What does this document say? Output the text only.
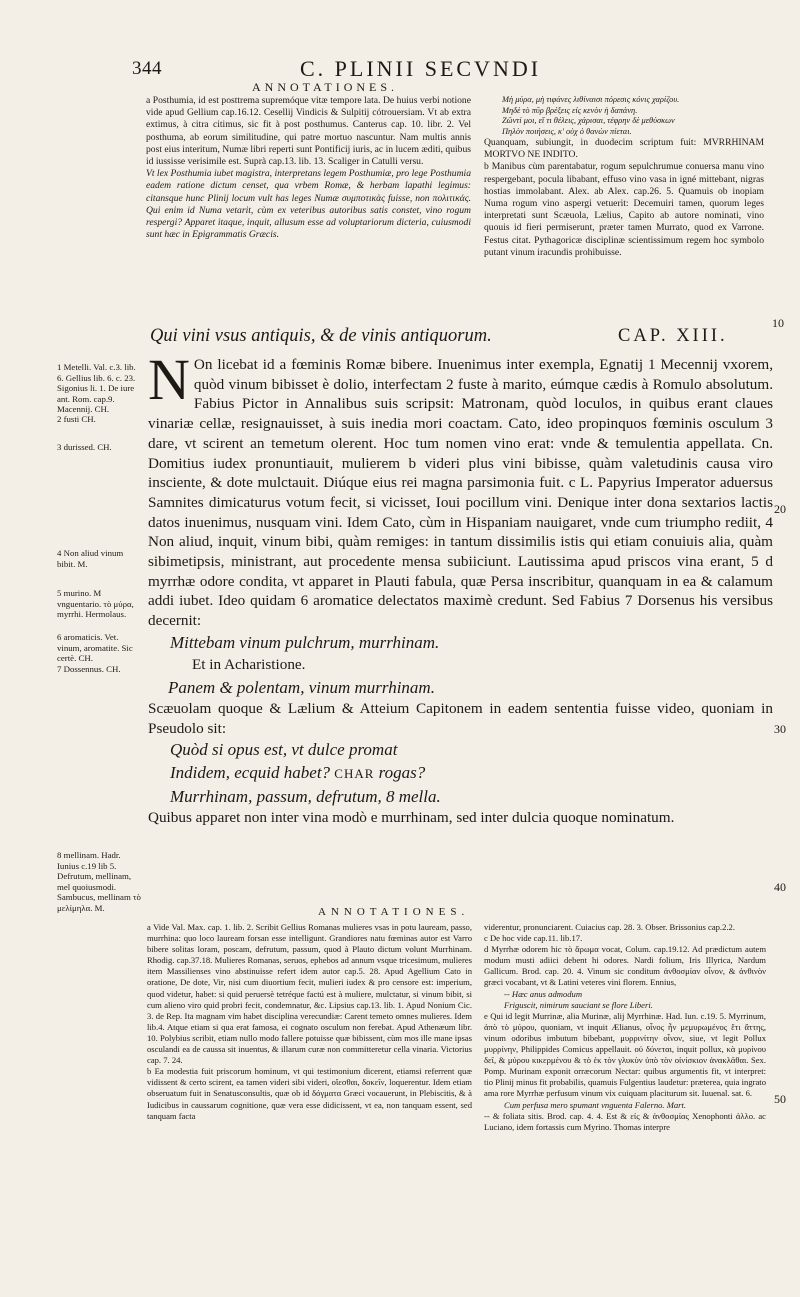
344	C. PLINII SECVNDI
ANNOTATIONES.

a Posthumia, id est posttrema supremóque vitæ tempore lata. De huius verbi notione vide apud Gellium cap.16.12. Cesellij Vindicis & Sulpitij cótrouersiam. Vt ab extra extimus, à citra citimus, sic fit à post posthumus. Canterus cap. 10. libr. 2. Vel posthuma, ab eorum similitudine, qui patre mortuo nascuntur. Nam multis annis post eius interitum, Numæ libri reperti sunt Pontificij iuris, ac in lucem æditi, quibus id iussisse verisimile est. Suprà cap.13. lib. 13. Scaliger in Catulli versu.

Vt lex Posthumia iubet magistra, interpretans legem Posthumiæ, pro lege Posthumia eadem ratione dictum censet, qua vrbem Romæ, & herbam lapathi legimus: citansque hunc Plinij locum vult has leges Numæ συμποτικὰς fuisse, non πολιτικάς. Qui enim id Numa vetarit, cùm ex veteribus autoribus satis constet, vino rogum respergi? Apparet itaque, inquit, allusum esse ad voluptariorum dicteria, cuiusmodi sunt hæc in Epigrammatis Græcis.

Μὴ μύρα, μὴ τιφάνες λιθίναισι πόρεσις κόνις χαρίζου.

Μηδὲ τὸ πῦρ βρέξεις εἰς κενὸν ἡ δαπάνη.

Ζῶντί μοι, εἴ τι θέλεις, χάρισαι, τέφρην δὲ μεθύσκων

Πηλὸν ποιήσεις, κ' οὐχ ὁ θανὼν πίεται.

Quanquam, subiungit, in duodecim scriptum fuit: MVRRHINAM MORTVO NE INDITO.

b Manibus cùm parentabatur, rogum sepulchrumue conuersa manu vino respergebant, pocula libabant, effuso vino vasa in igné mittebant, nigras hostias immolabant. Alex. ab Alex. cap.26. 5. Quamuis ob inopiam Numa rogum vino aspergi vetuerit: Decemuiri tamen, quorum leges interpretati sunt Scæuola, Lælius, Capito ab autore nominati, vino quouis id fieri permiserunt, præter tamen Murrato, quod ex Varrone. Festus citat. Pythagoricæ disciplinæ scientissimum regem hoc symbolo putant vinum iracundis prohibuisse.

Qui vini vsus antiquis, & de vinis antiquorum.	CAP. XIII.
10
20
30
40
50

N On licebat id a fœminis Romæ bibere. Inuenimus inter exempla, Egnatij 1 Mecennij vxorem, quòd vinum bibisset è dolio, interfectam 2 fuste à marito, eúmque cædis à Romulo absolutum. Fabius Pictor in Annalibus suis scripsit: Matronam, quòd loculos, in quibus erant claues vinariæ cellæ, resignauisset, à suis inedia mori coactam. Cato, ideo propinquos fœminis osculum 3 dare, vt scirent an temetum olerent. Hoc tum nomen vino erat: vnde & temulentia appellata. Cn. Domitius iudex pronuntiauit, mulierem b videri plus vini bibisse, quàm valetudinis causa viro insciente, & dote mulctauit. Diúque eius rei magna parsimonia fuit. c L. Papyrius Imperator aduersus Samnites dimicaturus votum fecit, si vicisset, Ioui pocillum vini. Denique inter dona sextarios lactis datos inuenimus, nusquam vini. Idem Cato, cùm in Hispaniam nauigaret, vnde cum triumpho rediit, 4 Non aliud, inquit, vinum bibi, quàm remiges: in tantum dissimilis istis qui etiam conuiuis alia, quàm sibimetipsis, ministrant, aut procedente mensa subiiciunt. Lautissima apud priscos vina erant, 5 d myrrhæ odore condita, vt apparet in Plauti fabula, quæ Persa inscribitur, quanquam in ea & calamum addi iubet. Ideo quidam 6 aromatice delectatos maximè credunt. Sed Fabius 7 Dorsenus his versibus decernit:

Mittebam vinum pulchrum, murrhinam.

Et in Acharistione.

Panem & polentam, vinum murrhinam.

Scæuolam quoque & Lælium & Atteium Capitonem in eadem sententia fuisse video, quoniam in Pseudolo sit:

Quòd si opus est, vt dulce promat

Indidem, ecquid habet? CHAR rogas?

Murrhinam, passum, defrutum, 8 mella.

Quibus apparet non inter vina modò e murrhinam, sed inter dulcia quoque nominatum.

1 Metelli. Val. c.3. lib. 6. Gellius lib. 6. c. 23. Sigonius li. 1. De iure ant. Rom. cap.9. Macennij. CH.
2 fusti CH.
3 durissed. CH.
4 Non aliud vinum bibit. M.
5 murino. M vnguentario. τὸ μύρα, myrrhi. Hermolaus.
6 aromaticis. Vet. vinum, aromatite. Sic certè. CH.
7 Dossennus. CH.
8 mellinam. Hadr. Iunius c.19 lib 5. Defrutum, mellinam, mel quoiusmodi. Sambucus, mellinam τὸ μελίμηλα. M.	ANNOTATIONES.

a Vide Val. Max. cap. 1. lib. 2. Scribit Gellius Romanas mulieres vsas in potu lauream, passo, murrhina: quo loco lauream forsan esse intelligunt. Grandiores natu fœminas autor est Varro bibere solitas loram, poscam, defrutum, passum, quod à Plauto dictum volunt Murrhinam. Rhodig. cap.37.18. Mulieres Romanas, seruos, ephebos ad annum vsque tricesimum, mulieres item Massilienses vino abstinuisse refert idem autor cap.5. 28. Apud Agellium Cato in oratione, De dote, Vir, nisi cum diuortium fecit, mulieri iudex & pro censore est: imperium, quod videtur, habet: si quid peruersè tetréque factú est à muliere, mulctatur, si vinum bibit, si cum alieno viro quid probri fecit, condemnatur, &c. Lipsius cap.13. lib. 1. Apud Nonium Cic. 3. de Rep. Ita magnam vim habet disciplina verecundiæ: Carent temeto omnes mulieres. Idem lib.4. Atque etiam si qua erat famosa, ei cognato osculum non ferebat. Apud Athenæum libr. 10. Polybius scribit, etiam nullo modo fallere potuisse quæ bibissent, cùm mos ille mane ipsas osculandi ea de caussa sit inuentus, & illarum curæ non committeretur cella vinaria. Victorius cap. 7. 24.

b Ea modestia fuit priscorum hominum, vt qui testimonium dicerent, etiamsi referrent quæ vidissent & certo scirent, ea tamen videri sibi videri, οἴεσθαι, δοκεῖν, loquerentur. Idem etiam obseruatum fuit in Senatusconsultis, quæ ob id δόγματα Græci vocauerunt, in Plebiscitis, & à Iudicibus in caussarum cognitione, quæ vera esse didicissent, vt ea, non tanquam essent, sed tanquam facta

viderentur, pronunciarent. Cuiacius cap. 28. 3. Obser. Brissonius cap.2.2.

c De hoc vide cap.11. lib.17.

d Myrrhæ odorem hic τὸ ἄρωμα vocat, Colum. cap.19.12. Ad prædictum autem modum musti adiici debent hi odores. Nardi folium, Iris Illyrica, Nardum Gallicum. Brod. cap. 20. 4. Vinum sic conditum ἀνθοσμίαν οἶνον, & ἀνθινὸν græci vocabant, vt & Latini veteres vini florem. Ennius,

-- Hæc anus admodum

Friguscit, nimirum sauciant se flore Liberi.

e Qui id legit Murrinæ, alia Murinæ, alij Myrrhinæ. Had. Iun. c.19. 5. Myrrinum, ἀπὸ τὸ μύρου, quoniam, vt inquit Ælianus, οἶνος ἦν μεμυρωμένος ἔτι ἄττης, vinum odoribus imbutum bibebant, μυρρινίτην οἶνον, siue, vt legit Pollux μυρρίνην, Philippides Comicus appellauit. οὐ δύνεται, inquit pollux, κὰ μυρίνου δεῖ, & μύρου κικερμένου & τὸ ἐκ τὸν γλυκὺν ὑπὸ τὸν οἰνίσκιον ἀνακλᾶθαι. Sex. Pomp. Murinam exponit orræcorum Nectar: quibus argumentis fit, vt interpret: tio Plinij minus fit probabilis, quamuis Fulgentius laudetur: præterea, quia ingrato ama rore Myrrhæ perfusum vinum vix cuiquam placiturum sit. Iuuenal. sat. 6.

Cum perfusa mero spumant vnguenta Falerno. Mart.

-- & foliata sitis. Brod. cap. 4. 4. Est & εἰς & ἀνθοσμίας Xenophonti ἀλλο. ac Luciano, idem fortassis cum Myrino. Thomas interpre
